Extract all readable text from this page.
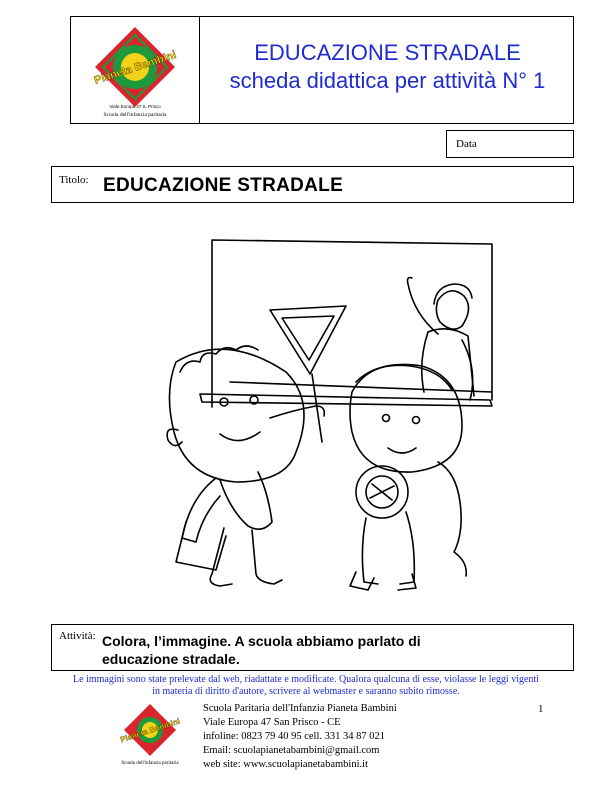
Pianeta Bambini
Viale Europa 47 S. Prisco
Scuola dell'infanzia paritaria
EDUCAZIONE STRADALE
scheda didattica per attività N° 1
Data
Titolo: EDUCAZIONE STRADALE
Attività: Colora, l’immagine. A scuola abbiamo parlato di
educazione stradale.
Le immagini sono state prelevate dal web, riadattate e modificate. Qualora qualcuna di esse, violasse le leggi vigenti
in materia di diritto d'autore, scrivere al webmaster e saranno subito rimosse.
Pianeta Bambini
Scuola dell'infanzia paritaria
Scuola Paritaria dell'Infanzia Pianeta Bambini
Viale Europa 47 San Prisco - CE
infoline: 0823 79 40 95 cell. 331 34 87 021
Email: scuolapianetabambini@gmail.com
web site: www.scuolapianetabambini.it
1
